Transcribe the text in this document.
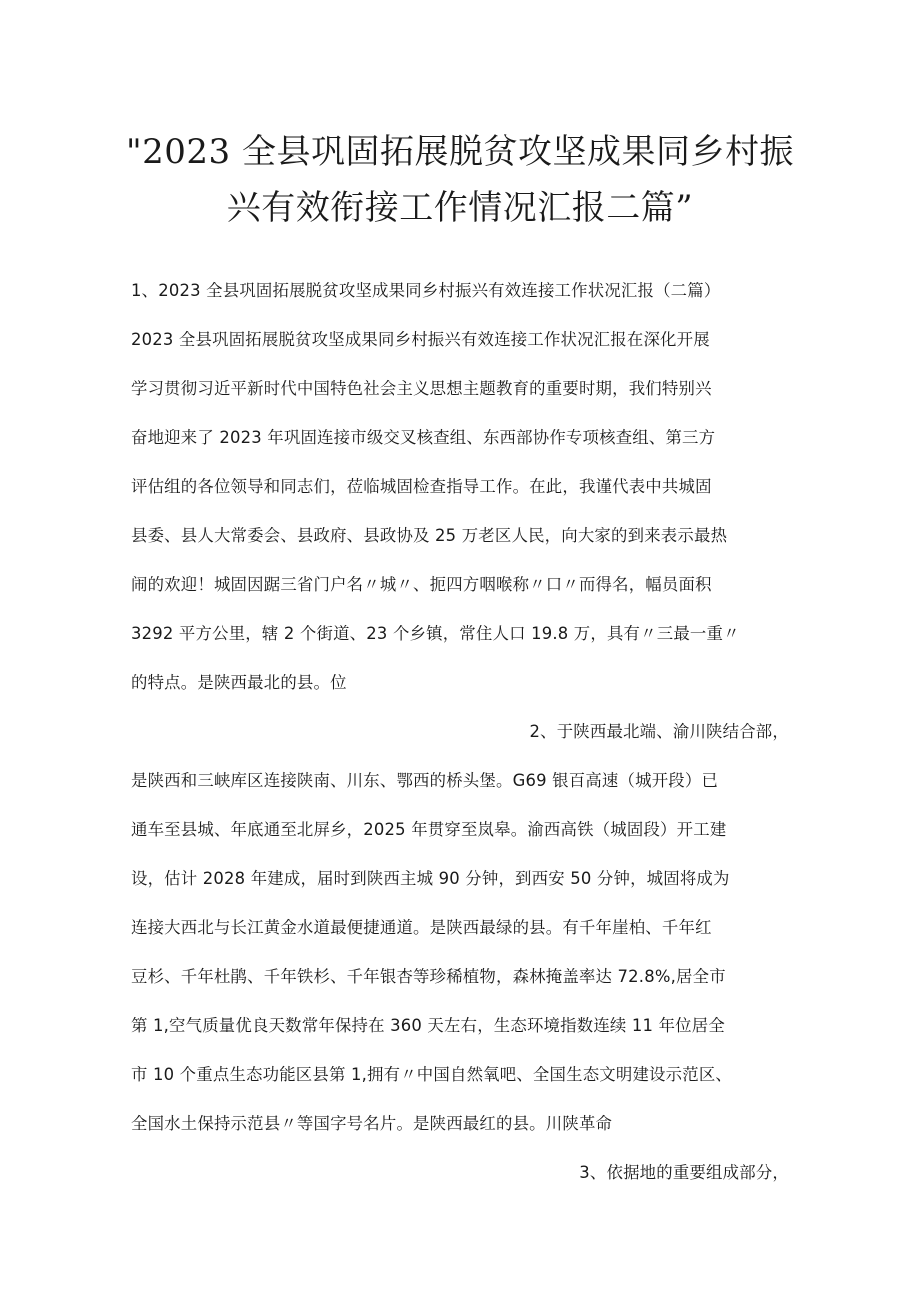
"2023 全县巩固拓展脱贫攻坚成果同乡村振
兴有效衔接工作情况汇报二篇”
1、2023 全县巩固拓展脱贫攻坚成果同乡村振兴有效连接工作状况汇报（二篇）
2023 全县巩固拓展脱贫攻坚成果同乡村振兴有效连接工作状况汇报在深化开展
学习贯彻习近平新时代中国特色社会主义思想主题教育的重要时期，我们特别兴
奋地迎来了 2023 年巩固连接市级交叉核查组、东西部协作专项核查组、第三方
评估组的各位领导和同志们，莅临城固检查指导工作。在此，我谨代表中共城固
县委、县人大常委会、县政府、县政协及 25 万老区人民，向大家的到来表示最热
闹的欢迎！城固因踞三省门户名〃城〃、扼四方咽喉称〃口〃而得名，幅员面积
3292 平方公里，辖 2 个街道、23 个乡镇，常住人口 19.8 万，具有〃三最一重〃
的特点。是陕西最北的县。位
2、于陕西最北端、渝川陕结合部，
是陕西和三峡库区连接陕南、川东、鄂西的桥头堡。G69 银百高速（城开段）已
通车至县城、年底通至北屏乡，2025 年贯穿至岚皋。渝西高铁（城固段）开工建
设，估计 2028 年建成，届时到陕西主城 90 分钟，到西安 50 分钟，城固将成为
连接大西北与长江黄金水道最便捷通道。是陕西最绿的县。有千年崖柏、千年红
豆杉、千年杜鹃、千年铁杉、千年银杏等珍稀植物，森林掩盖率达 72.8%,居全市
第 1,空气质量优良天数常年保持在 360 天左右，生态环境指数连续 11 年位居全
市 10 个重点生态功能区县第 1,拥有〃中国自然氧吧、全国生态文明建设示范区、
全国水土保持示范县〃等国字号名片。是陕西最红的县。川陕革命
3、依据地的重要组成部分，
